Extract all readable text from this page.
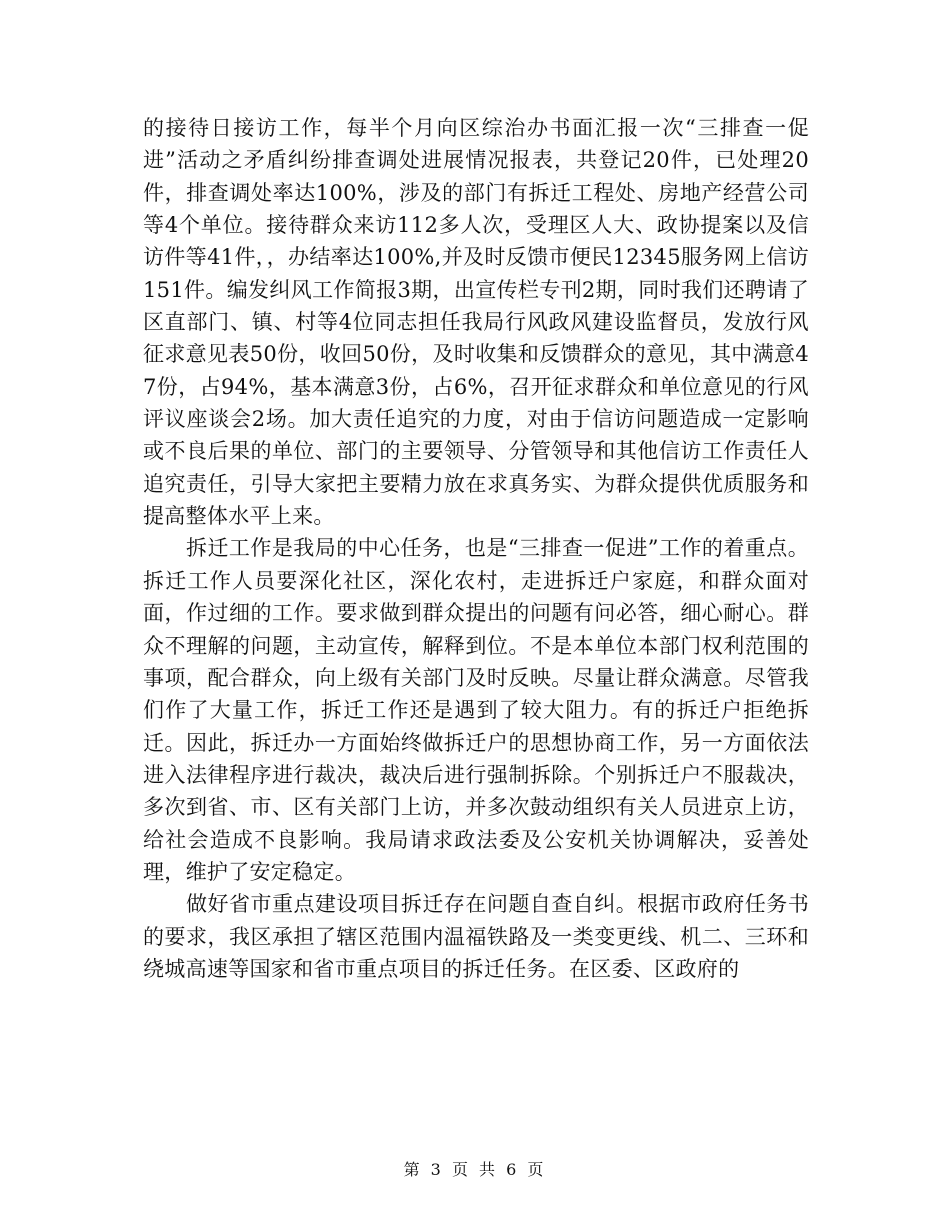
的接待日接访工作，每半个月向区综治办书面汇报一次“三排查一促进”活动之矛盾纠纷排查调处进展情况报表，共登记20件，已处理20件，排查调处率达100%，涉及的部门有拆迁工程处、房地产经营公司等4个单位。接待群众来访112多人次，受理区人大、政协提案以及信访件等41件，，办结率达100%,并及时反馈市便民12345服务网上信访151件。编发纠风工作简报3期，出宣传栏专刊2期，同时我们还聘请了区直部门、镇、村等4位同志担任我局行风政风建设监督员，发放行风征求意见表50份，收回50份，及时收集和反馈群众的意见，其中满意47份，占94%，基本满意3份，占6%，召开征求群众和单位意见的行风评议座谈会2场。加大责任追究的力度，对由于信访问题造成一定影响或不良后果的单位、部门的主要领导、分管领导和其他信访工作责任人追究责任，引导大家把主要精力放在求真务实、为群众提供优质服务和提高整体水平上来。

拆迁工作是我局的中心任务，也是“三排查一促进”工作的着重点。拆迁工作人员要深化社区，深化农村，走进拆迁户家庭，和群众面对面，作过细的工作。要求做到群众提出的问题有问必答，细心耐心。群众不理解的问题，主动宣传，解释到位。不是本单位本部门权利范围的事项，配合群众，向上级有关部门及时反映。尽量让群众满意。尽管我们作了大量工作，拆迁工作还是遇到了较大阻力。有的拆迁户拒绝拆迁。因此，拆迁办一方面始终做拆迁户的思想协商工作，另一方面依法进入法律程序进行裁决，裁决后进行强制拆除。个别拆迁户不服裁决，多次到省、市、区有关部门上访，并多次鼓动组织有关人员进京上访，给社会造成不良影响。我局请求政法委及公安机关协调解决，妥善处理，维护了安定稳定。

做好省市重点建设项目拆迁存在问题自查自纠。根据市政府任务书的要求，我区承担了辖区范围内温福铁路及一类变更线、机二、三环和绕城高速等国家和省市重点项目的拆迁任务。在区委、区政府的

第 3 页 共 6 页
